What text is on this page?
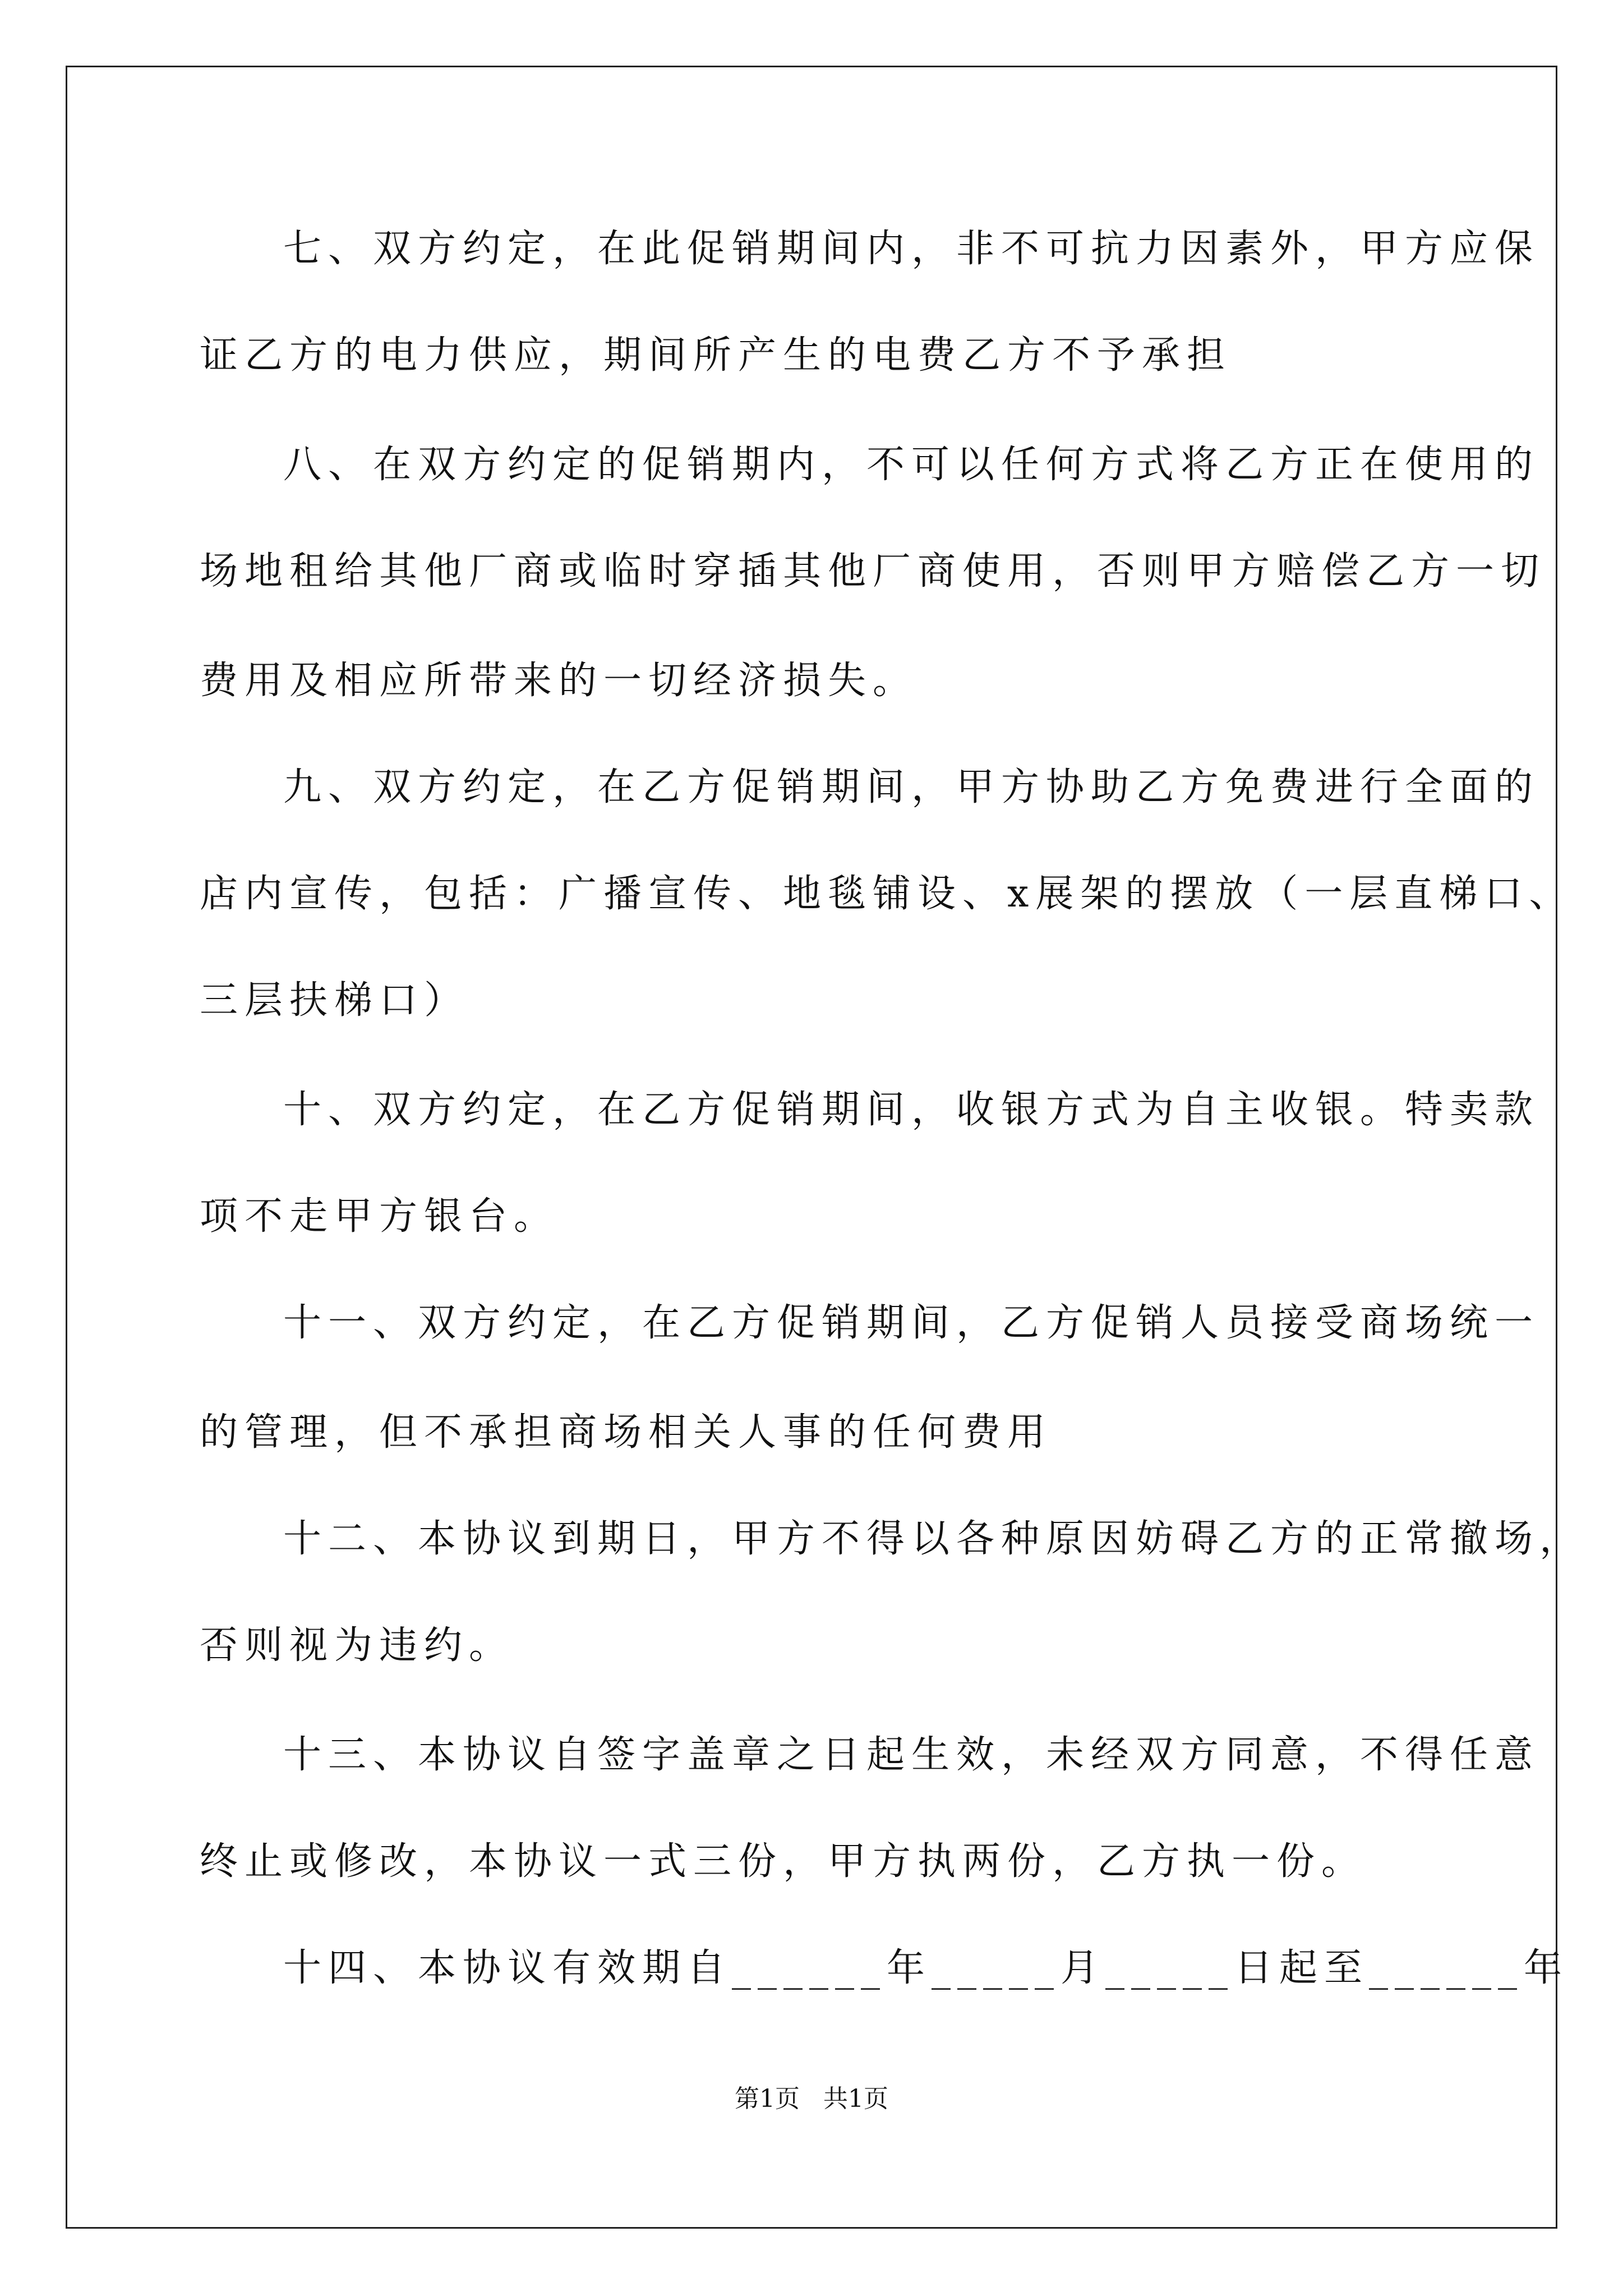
七、双方约定，在此促销期间内，非不可抗力因素外，甲方应保
证乙方的电力供应，期间所产生的电费乙方不予承担
八、在双方约定的促销期内，不可以任何方式将乙方正在使用的
场地租给其他厂商或临时穿插其他厂商使用，否则甲方赔偿乙方一切
费用及相应所带来的一切经济损失。
九、双方约定，在乙方促销期间，甲方协助乙方免费进行全面的
店内宣传，包括：广播宣传、地毯铺设、x展架的摆放（一层直梯口、
三层扶梯口）
十、双方约定，在乙方促销期间，收银方式为自主收银。特卖款
项不走甲方银台。
十一、双方约定，在乙方促销期间，乙方促销人员接受商场统一
的管理，但不承担商场相关人事的任何费用
十二、本协议到期日，甲方不得以各种原因妨碍乙方的正常撤场，
否则视为违约。
十三、本协议自签字盖章之日起生效，未经双方同意，不得任意
终止或修改，本协议一式三份，甲方执两份，乙方执一份。
十四、本协议有效期自______年_____月_____日起至______年
第1页   共1页
